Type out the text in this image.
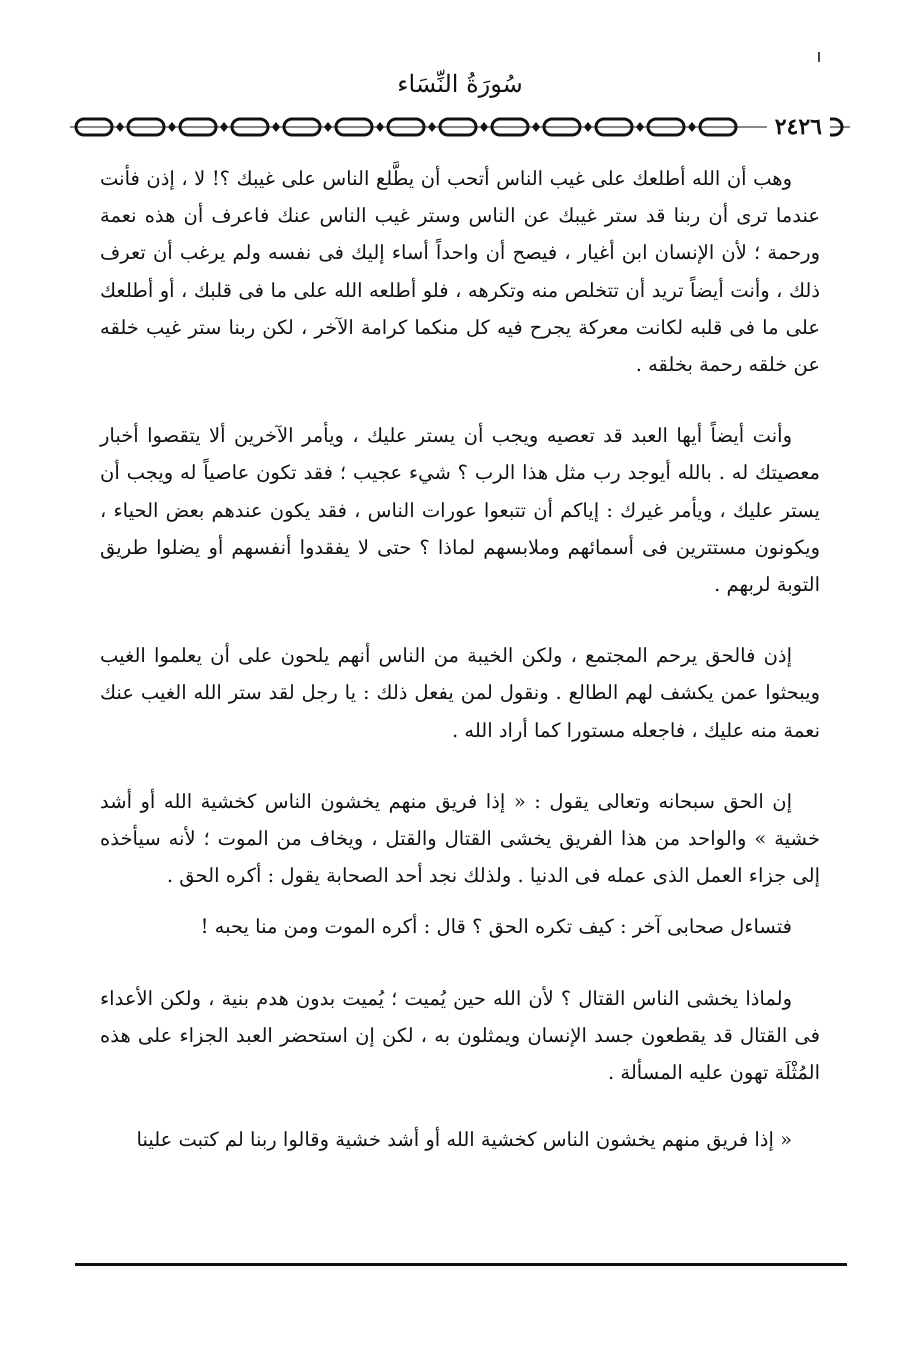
سُورَةُ النِّسَاء
٢٤٢٦

وهب أن الله أطلعك على غيب الناس أتحب أن يطَّلع الناس على غيبك ؟! لا ، إذن فأنت عندما ترى أن ربنا قد ستر غيبك عن الناس وستر غيب الناس عنك فاعرف أن هذه نعمة ورحمة ؛ لأن الإنسان ابن أغيار ، فيصح أن واحداً أساء إليك فى نفسه ولم يرغب أن تعرف ذلك ، وأنت أيضاً تريد أن تتخلص منه وتكرهه ، فلو أطلعه الله على ما فى قلبك ، أو أطلعك على ما فى قلبه لكانت معركة يجرح فيه كل منكما كرامة الآخر ، لكن ربنا ستر غيب خلقه عن خلقه رحمة بخلقه .

وأنت أيضاً أيها العبد قد تعصيه ويجب أن يستر عليك ، ويأمر الآخرين ألا يتقصوا أخبار معصيتك له . بالله أيوجد رب مثل هذا الرب ؟ شيء عجيب ؛ فقد تكون عاصياً له ويجب أن يستر عليك ، ويأمر غيرك : إياكم أن تتبعوا عورات الناس ، فقد يكون عندهم بعض الحياء ، ويكونون مستترين فى أسمائهم وملابسهم لماذا ؟ حتى لا يفقدوا أنفسهم أو يضلوا طريق التوبة لربهم .

إذن فالحق يرحم المجتمع ، ولكن الخيبة من الناس أنهم يلحون على أن يعلموا الغيب ويبحثوا عمن يكشف لهم الطالع . ونقول لمن يفعل ذلك : يا رجل لقد ستر الله الغيب عنك نعمة منه عليك ، فاجعله مستورا كما أراد الله .

إن الحق سبحانه وتعالى يقول : « إذا فريق منهم يخشون الناس كخشية الله أو أشد خشية » والواحد من هذا الفريق يخشى القتال والقتل ، ويخاف من الموت ؛ لأنه سيأخذه إلى جزاء العمل الذى عمله فى الدنيا . ولذلك نجد أحد الصحابة يقول : أكره الحق .

فتساءل صحابى آخر : كيف تكره الحق ؟ قال : أكره الموت ومن منا يحبه !

ولماذا يخشى الناس القتال ؟ لأن الله حين يُميت ؛ يُميت بدون هدم بنية ، ولكن الأعداء فى القتال قد يقطعون جسد الإنسان ويمثلون به ، لكن إن استحضر العبد الجزاء على هذه المُثْلَة تهون عليه المسألة .

« إذا فريق منهم يخشون الناس كخشية الله أو أشد خشية وقالوا ربنا لم كتبت علينا
